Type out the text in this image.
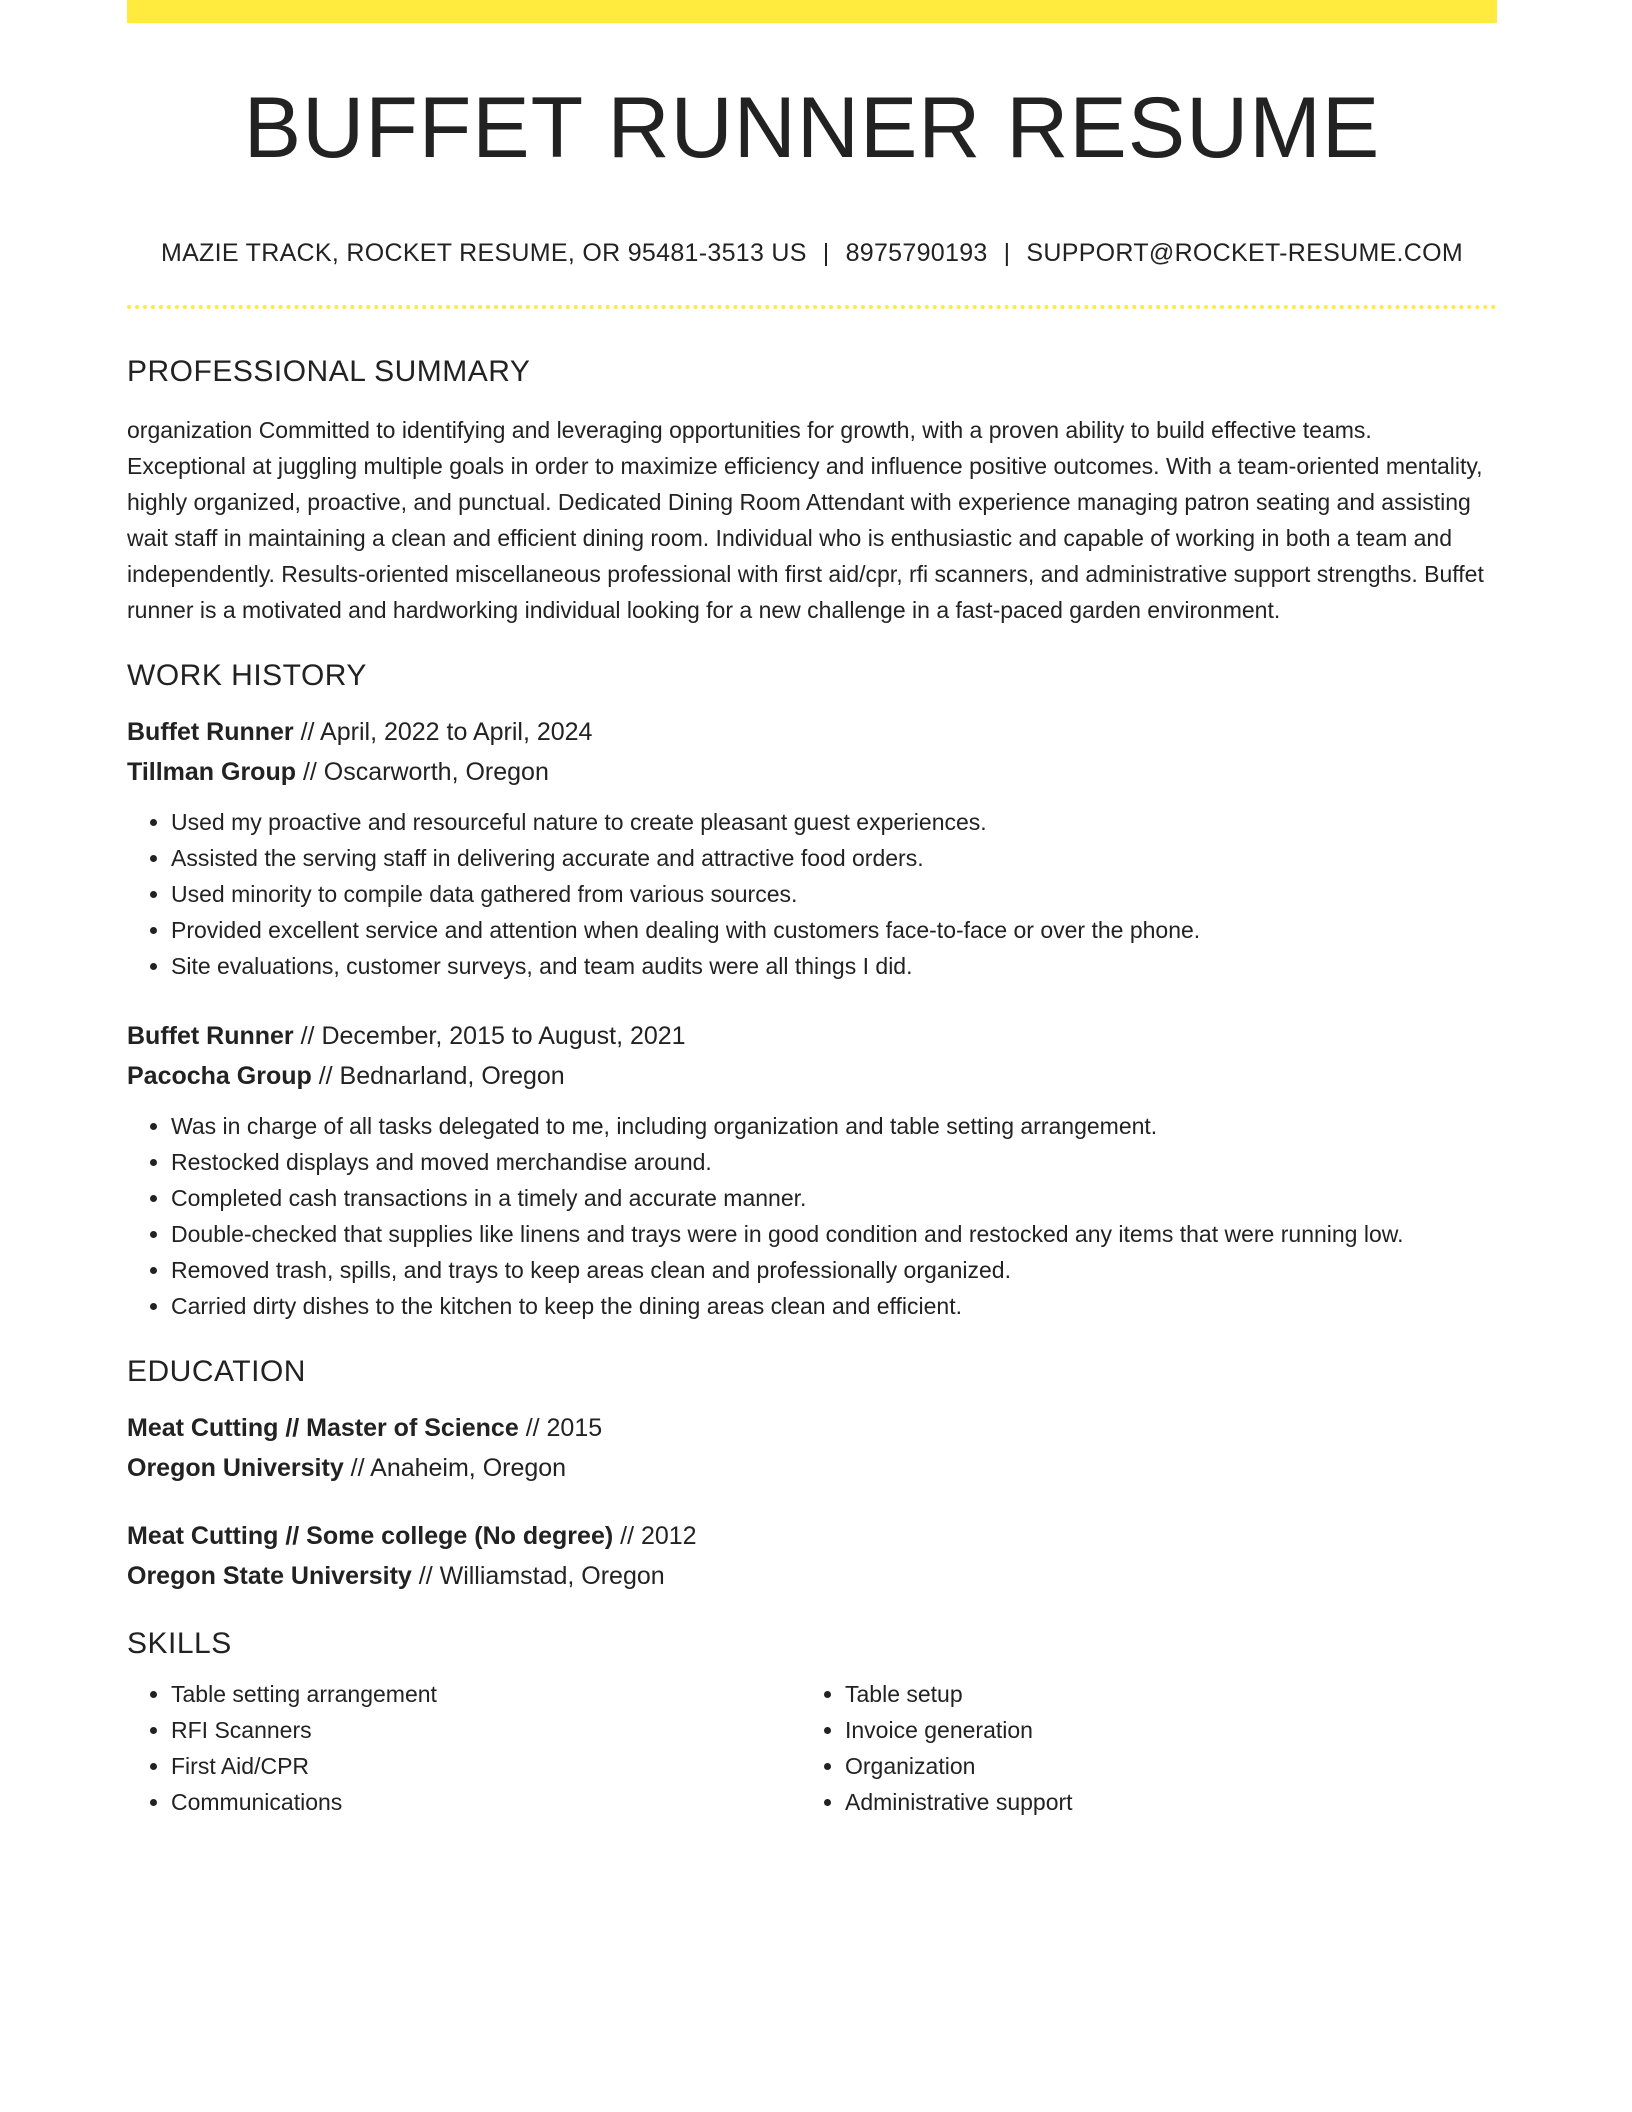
BUFFET RUNNER RESUME
MAZIE TRACK, ROCKET RESUME, OR 95481-3513 US | 8975790193 | SUPPORT@ROCKET-RESUME.COM
PROFESSIONAL SUMMARY

organization Committed to identifying and leveraging opportunities for growth, with a proven ability to build effective teams. Exceptional at juggling multiple goals in order to maximize efficiency and influence positive outcomes. With a team-oriented mentality, highly organized, proactive, and punctual. Dedicated Dining Room Attendant with experience managing patron seating and assisting wait staff in maintaining a clean and efficient dining room. Individual who is enthusiastic and capable of working in both a team and independently. Results-oriented miscellaneous professional with first aid/cpr, rfi scanners, and administrative support strengths. Buffet runner is a motivated and hardworking individual looking for a new challenge in a fast-paced garden environment.

WORK HISTORY
Buffet Runner // April, 2022 to April, 2024
Tillman Group // Oscarworth, Oregon
• Used my proactive and resourceful nature to create pleasant guest experiences.
• Assisted the serving staff in delivering accurate and attractive food orders.
• Used minority to compile data gathered from various sources.
• Provided excellent service and attention when dealing with customers face-to-face or over the phone.
• Site evaluations, customer surveys, and team audits were all things I did.
Buffet Runner // December, 2015 to August, 2021
Pacocha Group // Bednarland, Oregon
• Was in charge of all tasks delegated to me, including organization and table setting arrangement.
• Restocked displays and moved merchandise around.
• Completed cash transactions in a timely and accurate manner.
• Double-checked that supplies like linens and trays were in good condition and restocked any items that were running low.
• Removed trash, spills, and trays to keep areas clean and professionally organized.
• Carried dirty dishes to the kitchen to keep the dining areas clean and efficient.
EDUCATION
Meat Cutting // Master of Science // 2015
Oregon University // Anaheim, Oregon
Meat Cutting // Some college (No degree) // 2012
Oregon State University // Williamstad, Oregon
SKILLS
• Table setting arrangement
• RFI Scanners
• First Aid/CPR
• Communications
• Table setup
• Invoice generation
• Organization
• Administrative support
